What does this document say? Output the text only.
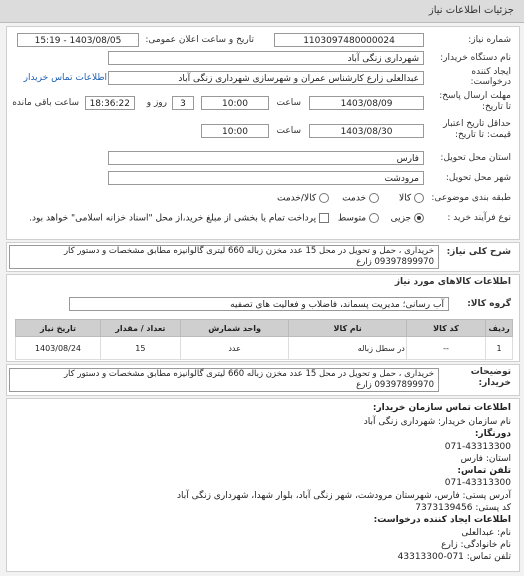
جزئیات اطلاعات نیاز
شماره نیاز:
1103097480000024
تاریخ و ساعت اعلان عمومی:
1403/08/05 - 15:19
نام دستگاه خریدار:
شهرداری زنگی آباد
ایجاد کننده
درخواست:
عبدالعلی زارع کارشناس عمران و شهرسازی شهرداری زنگی آباد
اطلاعات تماس خریدار
مهلت ارسال پاسخ:
تا تاریخ:
1403/08/09
ساعت
10:00
3
روز و
18:36:22
ساعت باقی مانده
حداقل تاریخ اعتبار
قیمت: تا تاریخ:
1403/08/30
ساعت
10:00
استان محل تحویل:
فارس
شهر محل تحویل:
مرودشت
طبقه بندی موضوعی:
کالا
خدمت
کالا/خدمت
نوع فرآیند خرید :
جزیی
متوسط
پرداخت تمام یا بخشی از مبلغ خرید،از محل "اسناد خزانه اسلامی" خواهد بود.
شرح کلی نیاز:
خریداری ، حمل و تحویل در محل 15 عدد مخزن زباله 660 لیتری گالوانیزه مطابق مشخصات و دستور کار 09397899970 زارع
اطلاعات کالاهای مورد نیاز
گروه کالا:
آب رسانی؛ مدیریت پسماند، فاضلاب و فعالیت های تصفیه
ردیف	کد کالا	نام کالا	واحد شمارش	تعداد / مقدار	تاریخ نیاز
1	--	در سطل زباله	عدد	15	1403/08/24
توضیحات
خریدار:
خریداری ، حمل و تحویل در محل 15 عدد مخزن زباله 660 لیتری گالوانیزه مطابق مشخصات و دستور کار 09397899970 زارع
اطلاعات تماس سازمان خریدار:
نام سازمان خریدار: شهرداری زنگی آباد
دورنگار:
071-43313300
استان: فارس
تلفن تماس:
071-43313300
آدرس پستی: فارس، شهرستان مرودشت، شهر زنگی آباد، بلوار شهدا، شهرداری زنگی آباد
کد پستی: 7373139456
اطلاعات ایجاد کننده درخواست:
نام: عبدالعلی
نام خانوادگی: زارع
تلفن تماس: 071-43313300
